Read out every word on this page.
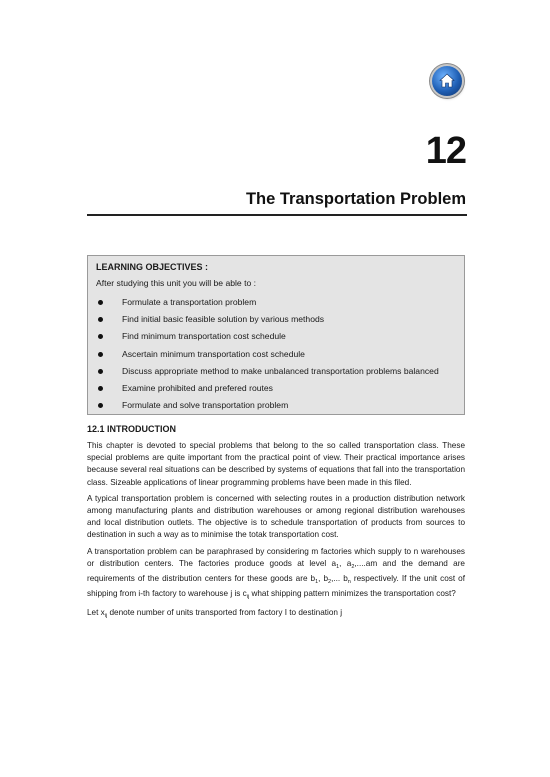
12
The Transportation Problem
LEARNING OBJECTIVES :
After studying this unit you will be able to :
Formulate a transportation problem
Find initial basic feasible solution by various methods
Find minimum transportation cost schedule
Ascertain minimum transportation cost schedule
Discuss appropriate method to make unbalanced transportation problems balanced
Examine prohibited and prefered routes
Formulate and solve transportation problem
12.1 INTRODUCTION

This chapter is devoted to special problems that belong to the so called transportation class. These special problems are quite important from the practical point of view. Their practical importance arises because several real situations can be described by systems of equations that fall into the transportation class. Sizeable applications of linear programming problems have been made in this filed.

A typical transportation problem is concerned with selecting routes in a production distribution network among manufacturing plants and distribution warehouses or among regional distribution warehouses and local distribution outlets. The objective is to schedule transportation of products from sources to destination in such a way as to minimise the totak transportation cost.

A transportation problem can be paraphrased by considering m factories which supply to n warehouses or distribution centers. The factories produce goods at level $a_1$, $a_2,....am$ and the demand are requirements of the distribution centers for these goods are $b_1$, $b_2$,... $b_n$ respectively. If the unit cost of shipping from i-th factory to warehouse j is $c_{ij}$ what shipping pattern minimizes the transportation cost?

Let $x_{ij}$ denote number of units transported from factory I to destination j
